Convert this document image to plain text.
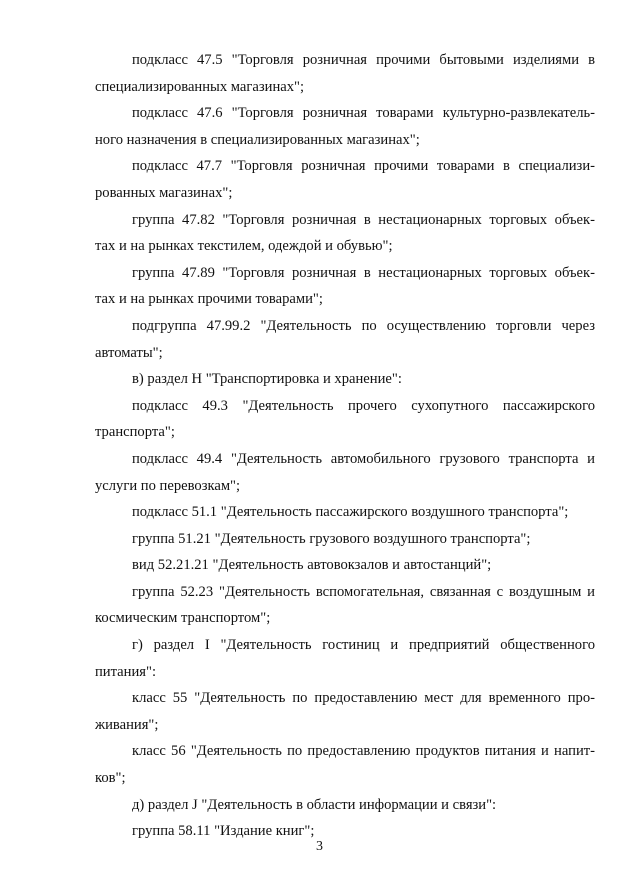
подкласс 47.5 "Торговля розничная прочими бытовыми изделиями в
специализированных магазинах";
подкласс 47.6 "Торговля розничная товарами культурно-развлекатель-
ного назначения в специализированных магазинах";
подкласс 47.7 "Торговля розничная прочими товарами в специализи-
рованных магазинах";
группа 47.82 "Торговля розничная в нестационарных торговых объек-
тах и на рынках текстилем, одеждой и обувью";
группа 47.89 "Торговля розничная в нестационарных торговых объек-
тах и на рынках прочими товарами";
подгруппа 47.99.2 "Деятельность по осуществлению торговли через
автоматы";
в) раздел Н "Транспортировка и хранение":
подкласс 49.3 "Деятельность прочего сухопутного пассажирского
транспорта";
подкласс 49.4 "Деятельность автомобильного грузового транспорта и
услуги по перевозкам";
подкласс 51.1 "Деятельность пассажирского воздушного транспорта";
группа 51.21 "Деятельность грузового воздушного транспорта";
вид 52.21.21 "Деятельность автовокзалов и автостанций";
группа 52.23 "Деятельность вспомогательная, связанная с воздушным и
космическим транспортом";
г) раздел I "Деятельность гостиниц и предприятий общественного
питания":
класс 55 "Деятельность по предоставлению мест для временного про-
живания";
класс 56 "Деятельность по предоставлению продуктов питания и напит-
ков";
д) раздел J "Деятельность в области информации и связи":
группа 58.11 "Издание книг";
3
